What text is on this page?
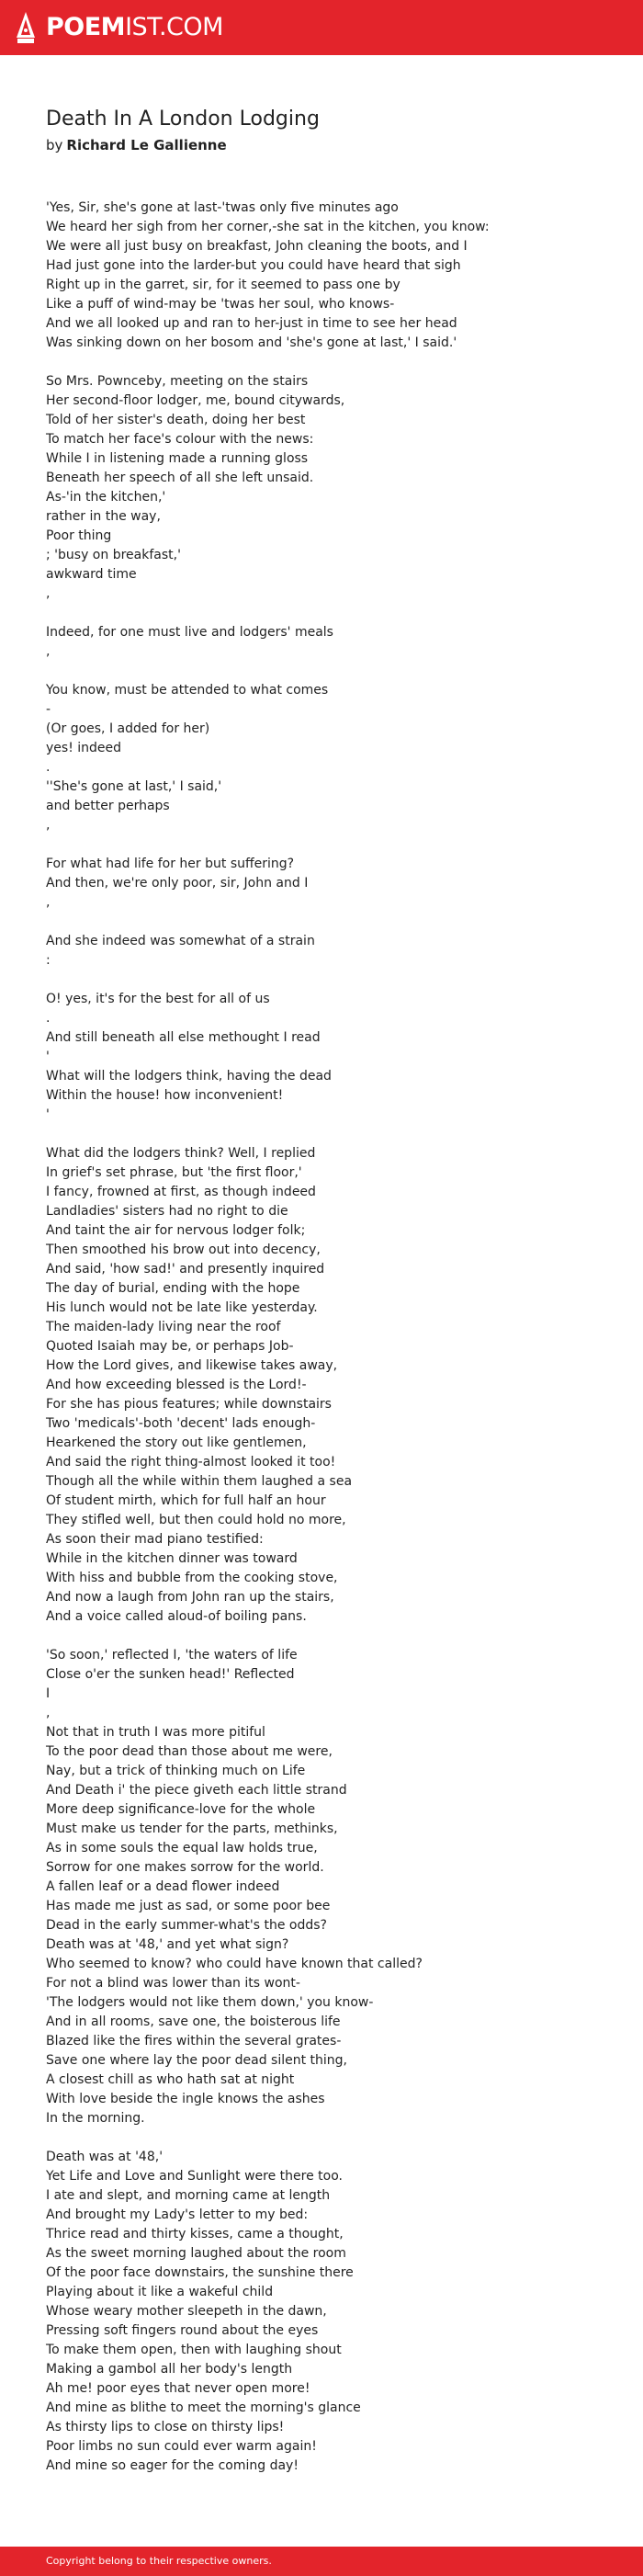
POEMIST.COM
Death In A London Lodging
by Richard Le Gallienne
'Yes, Sir, she's gone at last-'twas only five minutes ago
We heard her sigh from her corner,-she sat in the kitchen, you know:
We were all just busy on breakfast, John cleaning the boots, and I
Had just gone into the larder-but you could have heard that sigh
Right up in the garret, sir, for it seemed to pass one by
Like a puff of wind-may be 'twas her soul, who knows-
And we all looked up and ran to her-just in time to see her head
Was sinking down on her bosom and 'she's gone at last,' I said.'
So Mrs. Pownceby, meeting on the stairs
Her second-floor lodger, me, bound citywards,
Told of her sister's death, doing her best
To match her face's colour with the news:
While I in listening made a running gloss
Beneath her speech of all she left unsaid.
As-'in the kitchen,'
rather in the way,
Poor thing
; 'busy on breakfast,'
awkward time
,
Indeed, for one must live and lodgers' meals
,
You know, must be attended to what comes
-
(Or goes, I added for her)
yes! indeed
.
''She's gone at last,' I said,'
and better perhaps
,
For what had life for her but suffering?
And then, we're only poor, sir, John and I
,
And she indeed was somewhat of a strain
:
O! yes, it's for the best for all of us
.
And still beneath all else methought I read
'
What will the lodgers think, having the dead
Within the house! how inconvenient!
'
What did the lodgers think? Well, I replied
In grief's set phrase, but 'the first floor,'
I fancy, frowned at first, as though indeed
Landladies' sisters had no right to die
And taint the air for nervous lodger folk;
Then smoothed his brow out into decency,
And said, 'how sad!' and presently inquired
The day of burial, ending with the hope
His lunch would not be late like yesterday.
The maiden-lady living near the roof
Quoted Isaiah may be, or perhaps Job-
How the Lord gives, and likewise takes away,
And how exceeding blessed is the Lord!-
For she has pious features; while downstairs
Two 'medicals'-both 'decent' lads enough-
Hearkened the story out like gentlemen,
And said the right thing-almost looked it too!
Though all the while within them laughed a sea
Of student mirth, which for full half an hour
They stifled well, but then could hold no more,
As soon their mad piano testified:
While in the kitchen dinner was toward
With hiss and bubble from the cooking stove,
And now a laugh from John ran up the stairs,
And a voice called aloud-of boiling pans.
'So soon,' reflected I, 'the waters of life
Close o'er the sunken head!' Reflected
I
,
Not that in truth I was more pitiful
To the poor dead than those about me were,
Nay, but a trick of thinking much on Life
And Death i' the piece giveth each little strand
More deep significance-love for the whole
Must make us tender for the parts, methinks,
As in some souls the equal law holds true,
Sorrow for one makes sorrow for the world.
A fallen leaf or a dead flower indeed
Has made me just as sad, or some poor bee
Dead in the early summer-what's the odds?
Death was at '48,' and yet what sign?
Who seemed to know? who could have known that called?
For not a blind was lower than its wont-
'The lodgers would not like them down,' you know-
And in all rooms, save one, the boisterous life
Blazed like the fires within the several grates-
Save one where lay the poor dead silent thing,
A closest chill as who hath sat at night
With love beside the ingle knows the ashes
In the morning.
Death was at '48,'
Yet Life and Love and Sunlight were there too.
I ate and slept, and morning came at length
And brought my Lady's letter to my bed:
Thrice read and thirty kisses, came a thought,
As the sweet morning laughed about the room
Of the poor face downstairs, the sunshine there
Playing about it like a wakeful child
Whose weary mother sleepeth in the dawn,
Pressing soft fingers round about the eyes
To make them open, then with laughing shout
Making a gambol all her body's length
Ah me! poor eyes that never open more!
And mine as blithe to meet the morning's glance
As thirsty lips to close on thirsty lips!
Poor limbs no sun could ever warm again!
And mine so eager for the coming day!
Copyright belong to their respective owners.
